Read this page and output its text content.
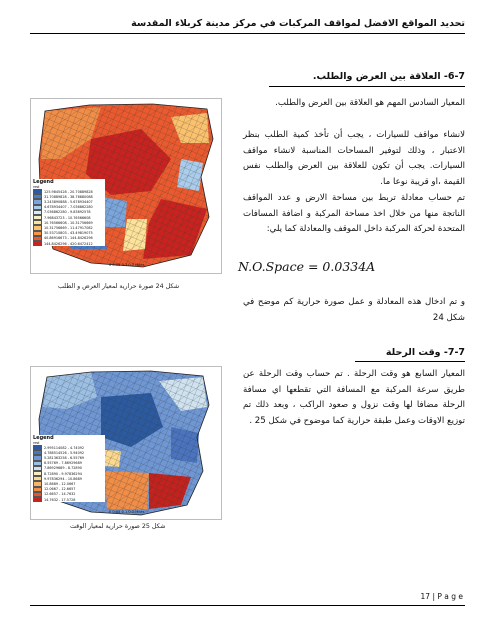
تحديد المواقع الافضل لمواقف المركبات في مركز مدينة كربلاء المقدسة
6-7- العلاقة بين العرض والطلب.
المعيار السادس المهم هو العلاقة بين العرض والطلب.
لانشاء مواقف للسيارات ، يجب أن تأخذ كمية الطلب بنظر الاعتبار ، وذلك لتوفير المساحات المناسبة لانشاء مواقف السيارات. يجب أن تكون للعلاقة بين العرض والطلب نفس القيمة ،او قريبة نوعا ما.
تم حساب معادلة تربط بين مساحة الارض و عدد المواقف الناتجة منها من خلال اخذ مساحة المركبة و اضافة المسافات المتحدة لحركة المركبة داخل الموقف والمعادلة كما يلي:
N.O.Space = 0.0334A
و تم ادخال هذه المعادلة و عمل صورة حرارية كم موضح في شكل 24
Legend
rest
125.9845428 - 20.70889828
31.70889828 - 38.76880088
3.243890888 - 5.678934407
4.678934407 - 7.036862280
7.036862280 - 9.83692578
7.96843723 - 10.76566608
10.76566608 - 10.31756669
10.31756669 - 11.47917082
30.53710803 - 43.49819075
40.86916673 - 144.8426296
144.8426296 - 420.6472412
0 0.05 0.1 0.2 Miles
شكل 24 صورة حرارية لمعيار العرض و الطلب
7-7- وقت الرحلة
المعيار السابع هو وقت الرحلة . تم حساب وقت الرحلة عن طريق سرعة المركبة مع المسافة التي تقطعها اي مسافة الرحلة مضافا لها وقت نزول و صعود الراكب ، وبعد ذلك تم توزيع الاوقات وعمل طبقة حرارية كما موضوح في شكل 25 .
Legend
rest
2.995114082 - 4.74092
4.788514526 - 5.94092
5.281363258 - 6.55769
6.55769 - 7.86929689
7.86929689 - 8.72890
8.72890 - 9.97836294
9.97836294 - 10.8689
10.8689 - 12.0667
12.0667 - 12.6657
12.6657 - 14.7632
14.7632 - 17.5728
0 0.05 0.1 0.2 Miles
شكل 25 صورة حرارية لمعيار الوقت
17 | P a g e
